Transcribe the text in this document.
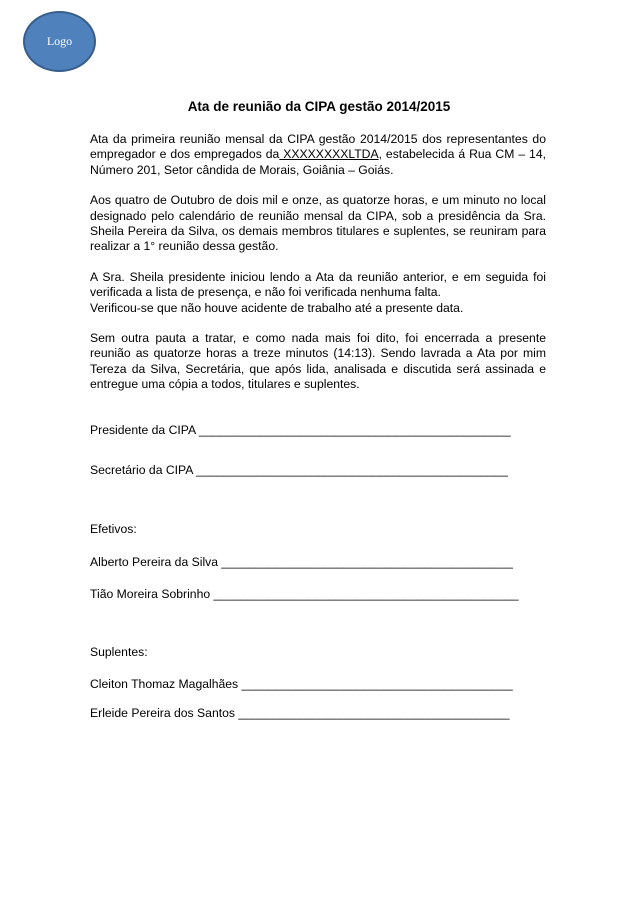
Logo
Ata de reunião da CIPA gestão 2014/2015

Ata da primeira reunião mensal da CIPA gestão 2014/2015 dos representantes do empregador e dos empregados da XXXXXXXXLTDA, estabelecida á Rua CM – 14, Número 201, Setor cândida de Morais, Goiânia – Goiás.

Aos quatro de Outubro de dois mil e onze, as quatorze horas, e um minuto no local designado pelo calendário de reunião mensal da CIPA, sob a presidência da Sra. Sheila Pereira da Silva, os demais membros titulares e suplentes, se reuniram para realizar a 1° reunião dessa gestão.

A Sra. Sheila presidente iniciou lendo a Ata da reunião anterior, e em seguida foi verificada a lista de presença, e não foi verificada nenhuma falta.

Verificou-se que não houve acidente de trabalho até a presente data.

Sem outra pauta a tratar, e como nada mais foi dito, foi encerrada a presente reunião as quatorze horas a treze minutos (14:13). Sendo lavrada a Ata por mim Tereza da Silva, Secretária, que após lida, analisada e discutida será assinada e entregue uma cópia a todos, titulares e suplentes.

Presidente da CIPA ______________________________________________
Secretário da CIPA ______________________________________________
Efetivos:
Alberto Pereira da Silva ___________________________________________
Tião Moreira Sobrinho _____________________________________________
Suplentes:
Cleiton Thomaz Magalhães ________________________________________
Erleide Pereira dos Santos ________________________________________
